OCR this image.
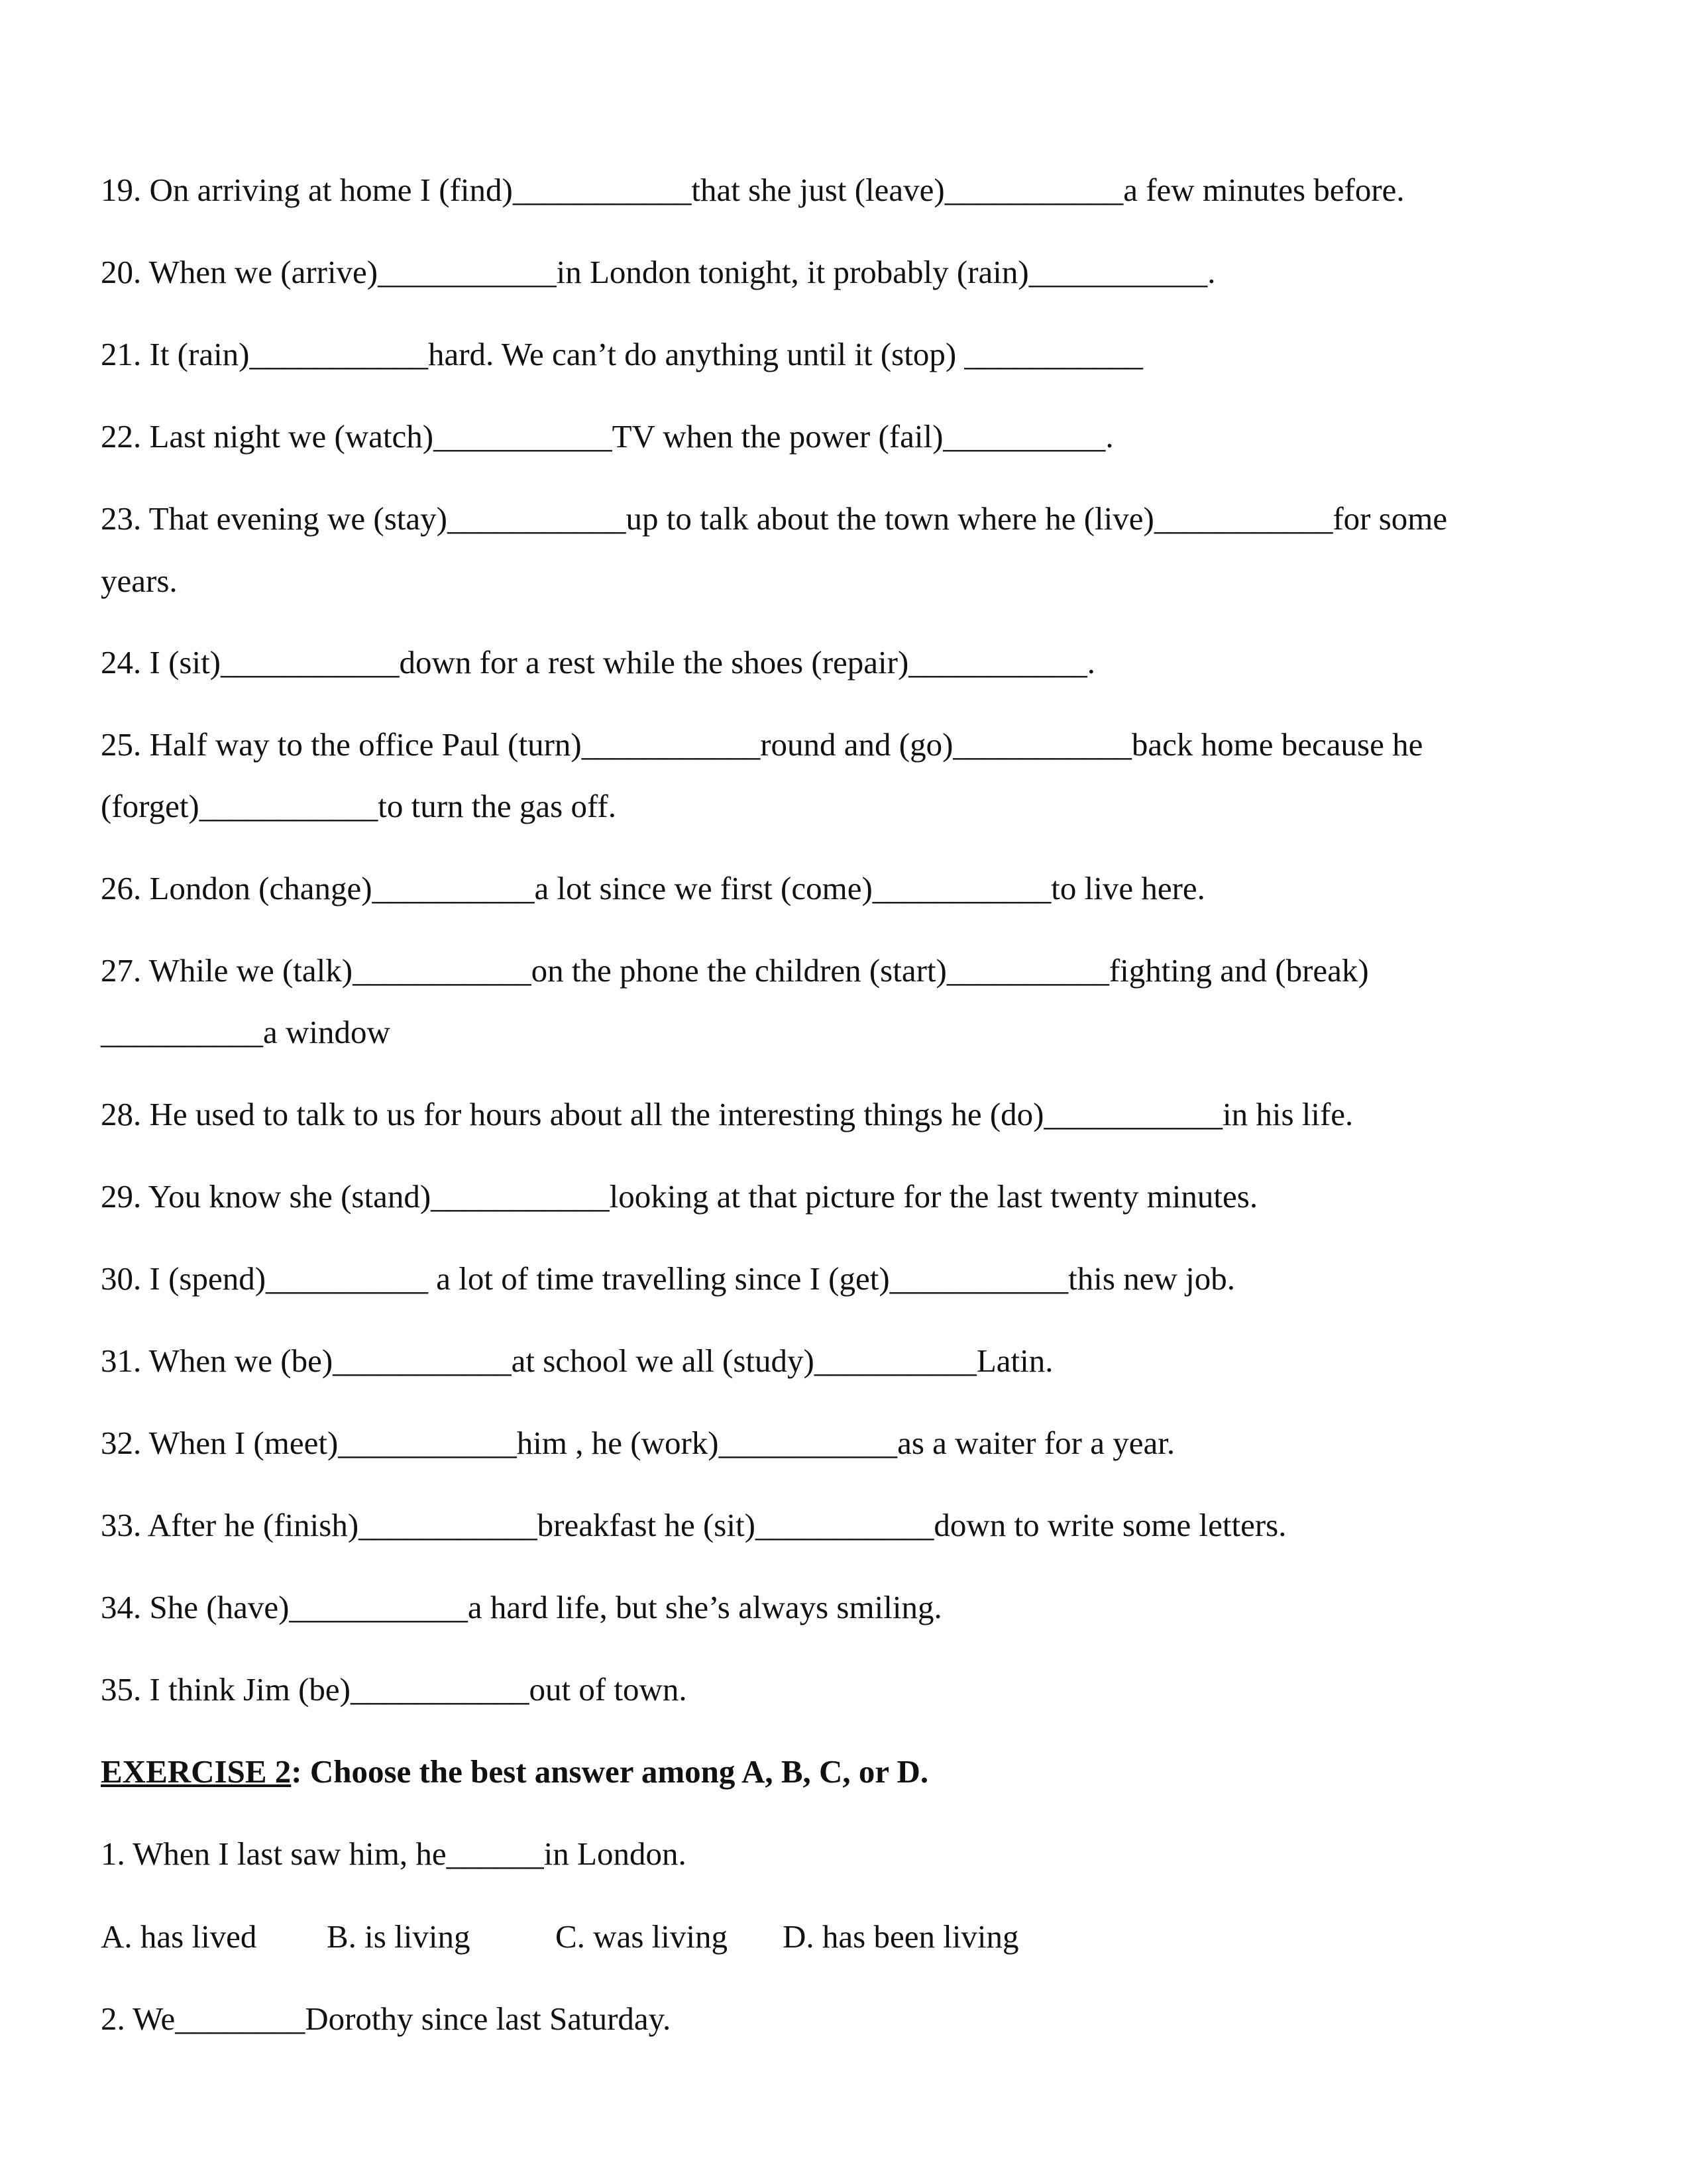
19. On arriving at home I (find)___________that she just (leave)___________a few minutes before.
20. When we (arrive)___________in London tonight, it probably (rain)___________.
21. It (rain)___________hard. We can’t do anything until it (stop) ___________
22. Last night we (watch)___________TV when the power (fail)__________.
23. That evening we (stay)___________up to talk about the town where he (live)___________for some
years.
24. I (sit)___________down for a rest while the shoes (repair)___________.
25. Half way to the office Paul (turn)___________round and (go)___________back home because he
(forget)___________to turn the gas off.
26. London (change)__________a lot since we first (come)___________to live here.
27. While we (talk)___________on the phone the children (start)__________fighting and (break)
__________a window
28. He used to talk to us for hours about all the interesting things he (do)___________in his life.
29. You know she (stand)___________looking at that picture for the last twenty minutes.
30. I (spend)__________ a lot of time travelling since I (get)___________this new job.
31. When we (be)___________at school we all (study)__________Latin.
32. When I (meet)___________him , he (work)___________as a waiter for a year.
33. After he (finish)___________breakfast he (sit)___________down to write some letters.
34. She (have)___________a hard life, but she’s always smiling.
35. I think Jim (be)___________out of town.
EXERCISE 2: Choose the best answer among A, B, C, or D.
1. When I last saw him, he______in London.
A. has lived B. is living	C. was living D. has been living
2. We________Dorothy since last Saturday.
